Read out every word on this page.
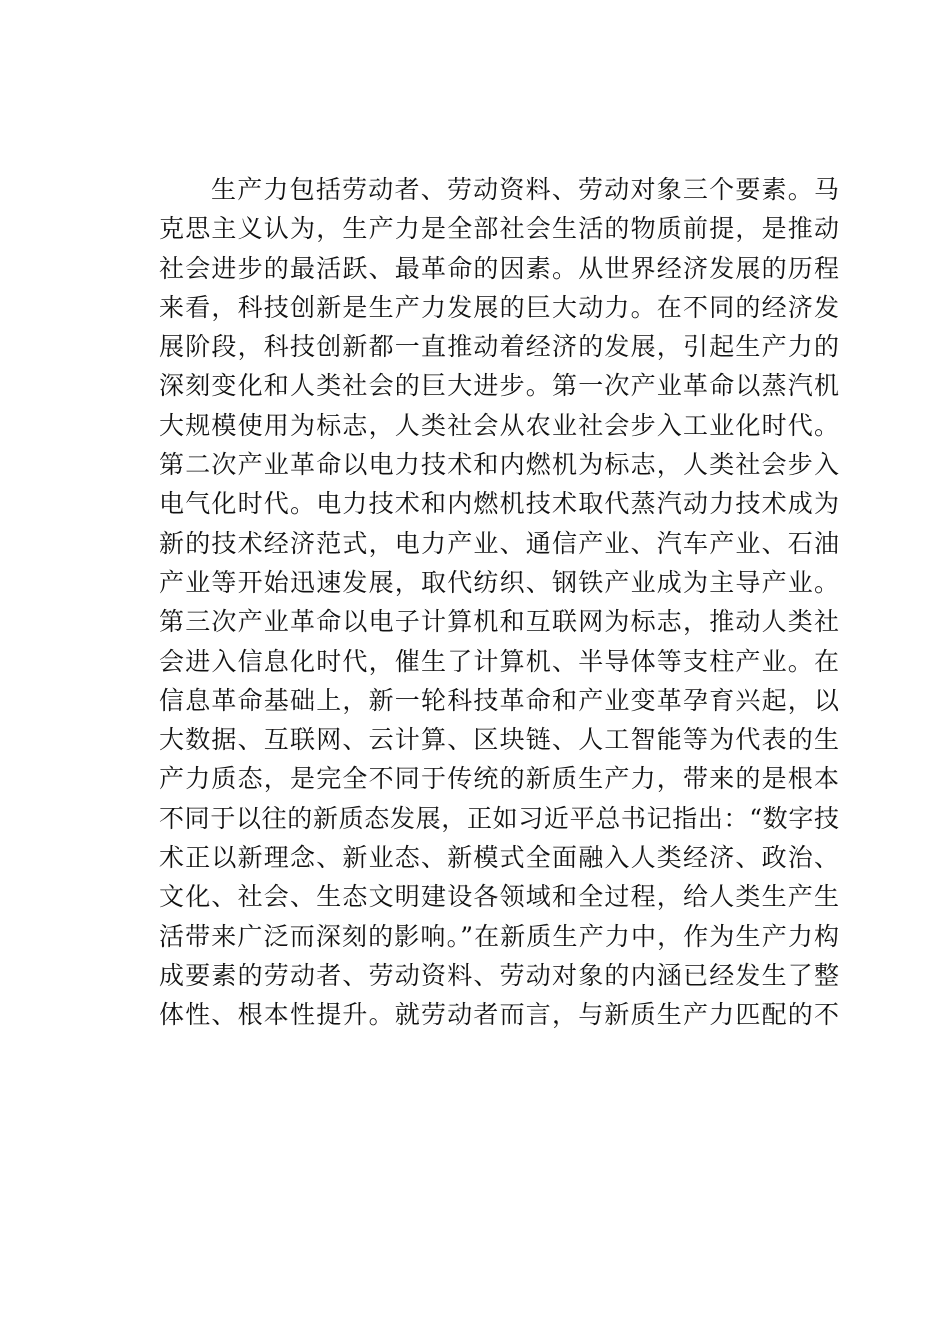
生产力包括劳动者、劳动资料、劳动对象三个要素。马
克思主义认为，生产力是全部社会生活的物质前提，是推动
社会进步的最活跃、最革命的因素。从世界经济发展的历程
来看，科技创新是生产力发展的巨大动力。在不同的经济发
展阶段，科技创新都一直推动着经济的发展，引起生产力的
深刻变化和人类社会的巨大进步。第一次产业革命以蒸汽机
大规模使用为标志，人类社会从农业社会步入工业化时代。
第二次产业革命以电力技术和内燃机为标志，人类社会步入
电气化时代。电力技术和内燃机技术取代蒸汽动力技术成为
新的技术经济范式，电力产业、通信产业、汽车产业、石油
产业等开始迅速发展，取代纺织、钢铁产业成为主导产业。
第三次产业革命以电子计算机和互联网为标志，推动人类社
会进入信息化时代，催生了计算机、半导体等支柱产业。在
信息革命基础上，新一轮科技革命和产业变革孕育兴起，以
大数据、互联网、云计算、区块链、人工智能等为代表的生
产力质态，是完全不同于传统的新质生产力，带来的是根本
不同于以往的新质态发展，正如习近平总书记指出：“数字技
术正以新理念、新业态、新模式全面融入人类经济、政治、
文化、社会、生态文明建设各领域和全过程，给人类生产生
活带来广泛而深刻的影响。”在新质生产力中，作为生产力构
成要素的劳动者、劳动资料、劳动对象的内涵已经发生了整
体性、根本性提升。就劳动者而言，与新质生产力匹配的不
